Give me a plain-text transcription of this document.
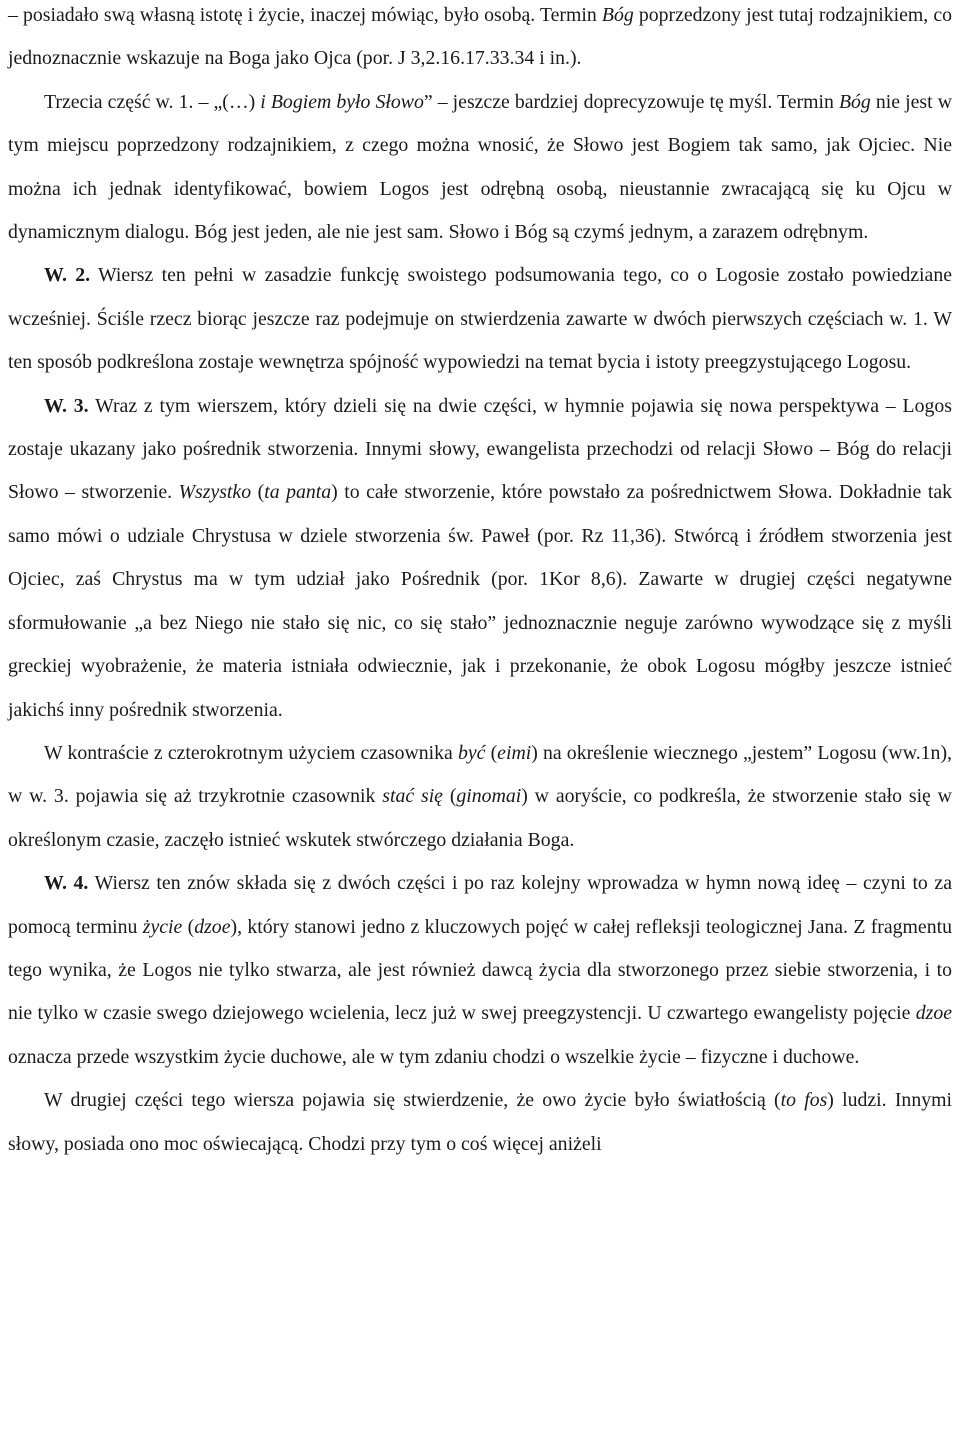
– posiadało swą własną istotę i życie, inaczej mówiąc, było osobą. Termin Bóg poprzedzony jest tutaj rodzajnikiem, co jednoznacznie wskazuje na Boga jako Ojca (por. J 3,2.16.17.33.34 i in.).

Trzecia część w. 1. – „(…) i Bogiem było Słowo” – jeszcze bardziej doprecyzowuje tę myśl. Termin Bóg nie jest w tym miejscu poprzedzony rodzajnikiem, z czego można wnosić, że Słowo jest Bogiem tak samo, jak Ojciec. Nie można ich jednak identyfikować, bowiem Logos jest odrębną osobą, nieustannie zwracającą się ku Ojcu w dynamicznym dialogu. Bóg jest jeden, ale nie jest sam. Słowo i Bóg są czymś jednym, a zarazem odrębnym.

W. 2. Wiersz ten pełni w zasadzie funkcję swoistego podsumowania tego, co o Logosie zostało powiedziane wcześniej. Ściśle rzecz biorąc jeszcze raz podejmuje on stwierdzenia zawarte w dwóch pierwszych częściach w. 1. W ten sposób podkreślona zostaje wewnętrza spójność wypowiedzi na temat bycia i istoty preegzystującego Logosu.

W. 3. Wraz z tym wierszem, który dzieli się na dwie części, w hymnie pojawia się nowa perspektywa – Logos zostaje ukazany jako pośrednik stworzenia. Innymi słowy, ewangelista przechodzi od relacji Słowo – Bóg do relacji Słowo – stworzenie. Wszystko (ta panta) to całe stworzenie, które powstało za pośrednictwem Słowa. Dokładnie tak samo mówi o udziale Chrystusa w dziele stworzenia św. Paweł (por. Rz 11,36). Stwórcą i źródłem stworzenia jest Ojciec, zaś Chrystus ma w tym udział jako Pośrednik (por. 1Kor 8,6). Zawarte w drugiej części negatywne sformułowanie „a bez Niego nie stało się nic, co się stało” jednoznacznie neguje zarówno wywodzące się z myśli greckiej wyobrażenie, że materia istniała odwiecznie, jak i przekonanie, że obok Logosu mógłby jeszcze istnieć jakichś inny pośrednik stworzenia.

W kontraście z czterokrotnym użyciem czasownika być (eimi) na określenie wiecznego „jestem” Logosu (ww.1n), w w. 3. pojawia się aż trzykrotnie czasownik stać się (ginomai) w aoryście, co podkreśla, że stworzenie stało się w określonym czasie, zaczęło istnieć wskutek stwórczego działania Boga.

W. 4. Wiersz ten znów składa się z dwóch części i po raz kolejny wprowadza w hymn nową ideę – czyni to za pomocą terminu życie (dzoe), który stanowi jedno z kluczowych pojęć w całej refleksji teologicznej Jana. Z fragmentu tego wynika, że Logos nie tylko stwarza, ale jest również dawcą życia dla stworzonego przez siebie stworzenia, i to nie tylko w czasie swego dziejowego wcielenia, lecz już w swej preegzystencji. U czwartego ewangelisty pojęcie dzoe oznacza przede wszystkim życie duchowe, ale w tym zdaniu chodzi o wszelkie życie – fizyczne i duchowe.

W drugiej części tego wiersza pojawia się stwierdzenie, że owo życie było światłością (to fos) ludzi. Innymi słowy, posiada ono moc oświecającą. Chodzi przy tym o coś więcej aniżeli
